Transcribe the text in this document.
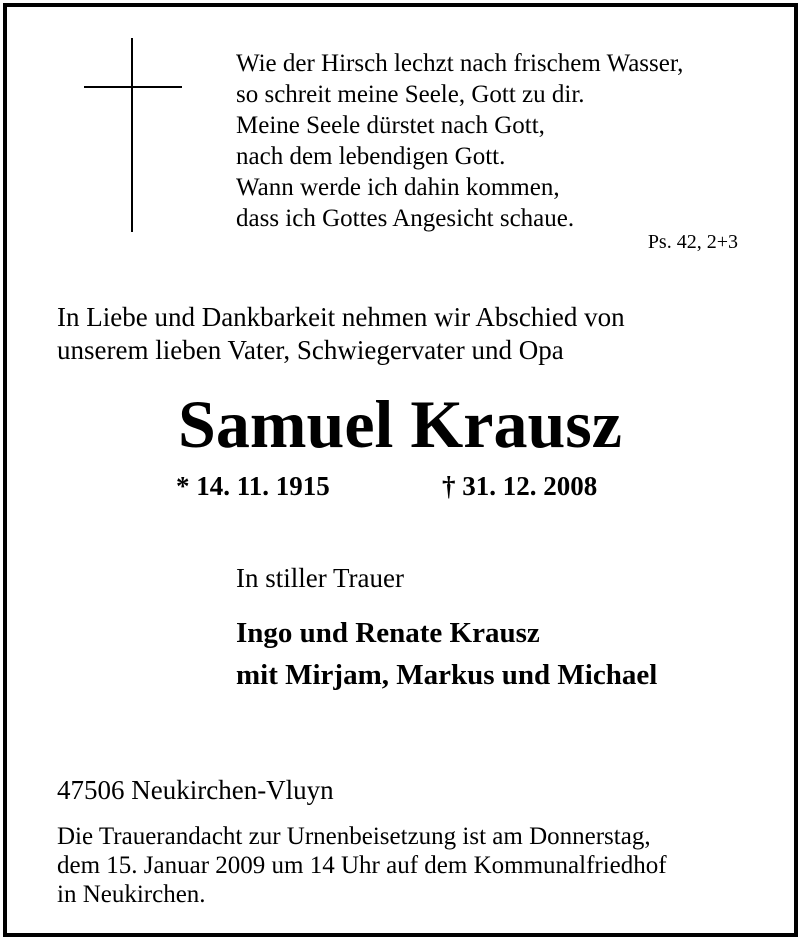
Wie der Hirsch lechzt nach frischem Wasser,
so schreit meine Seele, Gott zu dir.
Meine Seele dürstet nach Gott,
nach dem lebendigen Gott.
Wann werde ich dahin kommen,
dass ich Gottes Angesicht schaue.
Ps. 42, 2+3
In Liebe und Dankbarkeit nehmen wir Abschied von
unserem lieben Vater, Schwiegervater und Opa
Samuel Krausz
* 14. 11. 1915	† 31. 12. 2008
In stiller Trauer
Ingo und Renate Krausz
mit Mirjam, Markus und Michael
47506 Neukirchen-Vluyn
Die Trauerandacht zur Urnenbeisetzung ist am Donnerstag,
dem 15. Januar 2009 um 14 Uhr auf dem Kommunalfriedhof
in Neukirchen.
